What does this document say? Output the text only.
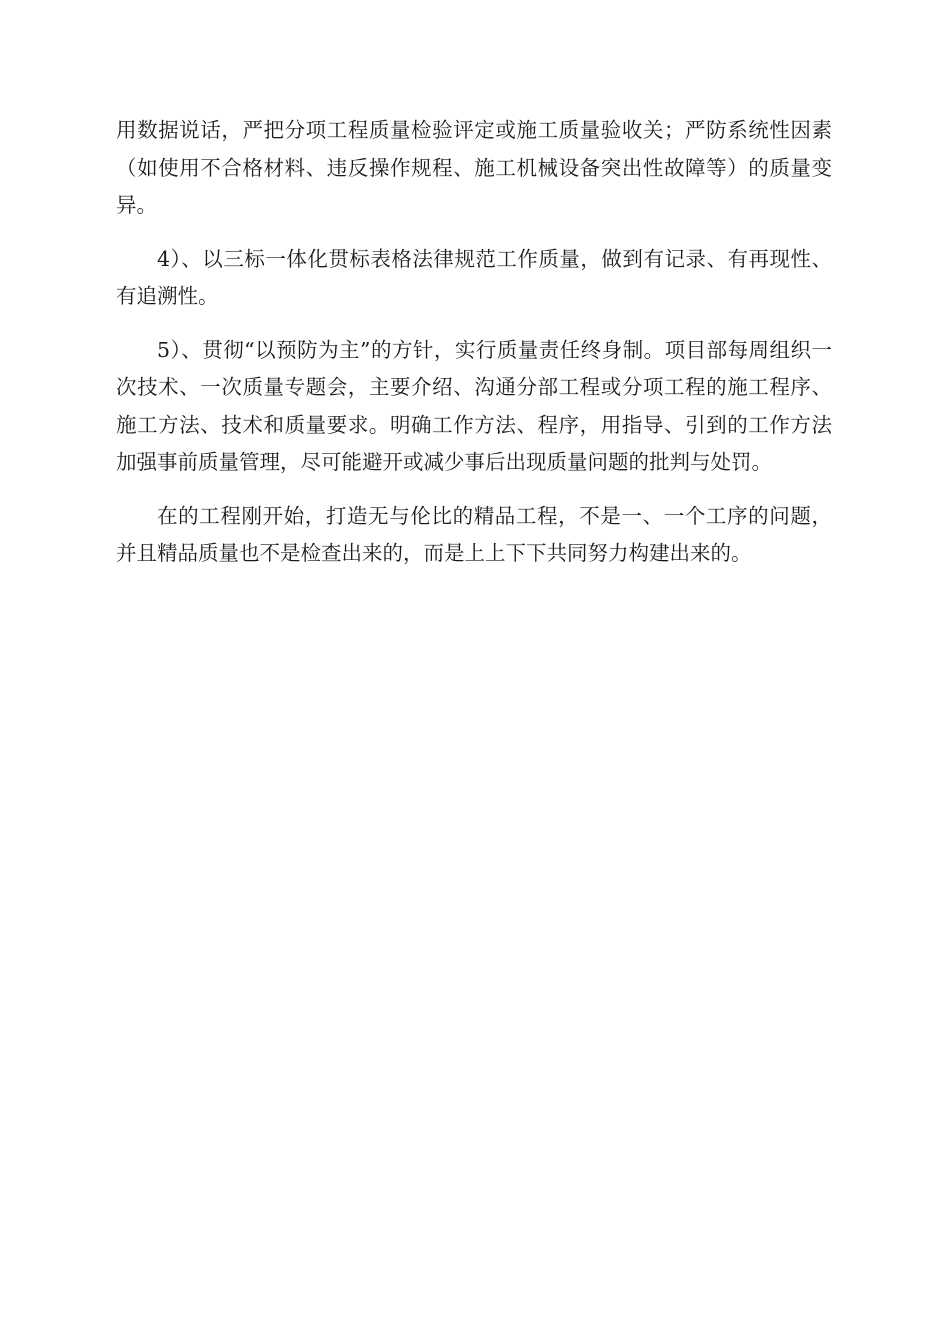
用数据说话，严把分项工程质量检验评定或施工质量验收关；严防系统性因素（如使用不合格材料、违反操作规程、施工机械设备突出性故障等）的质量变异。

4）、以三标一体化贯标表格法律规范工作质量，做到有记录、有再现性、有追溯性。

5）、贯彻“以预防为主”的方针，实行质量责任终身制。项目部每周组织一次技术、一次质量专题会，主要介绍、沟通分部工程或分项工程的施工程序、施工方法、技术和质量要求。明确工作方法、程序，用指导、引到的工作方法加强事前质量管理，尽可能避开或减少事后出现质量问题的批判与处罚。

在的工程刚开始，打造无与伦比的精品工程，不是一、一个工序的问题，并且精品质量也不是检查出来的，而是上上下下共同努力构建出来的。
